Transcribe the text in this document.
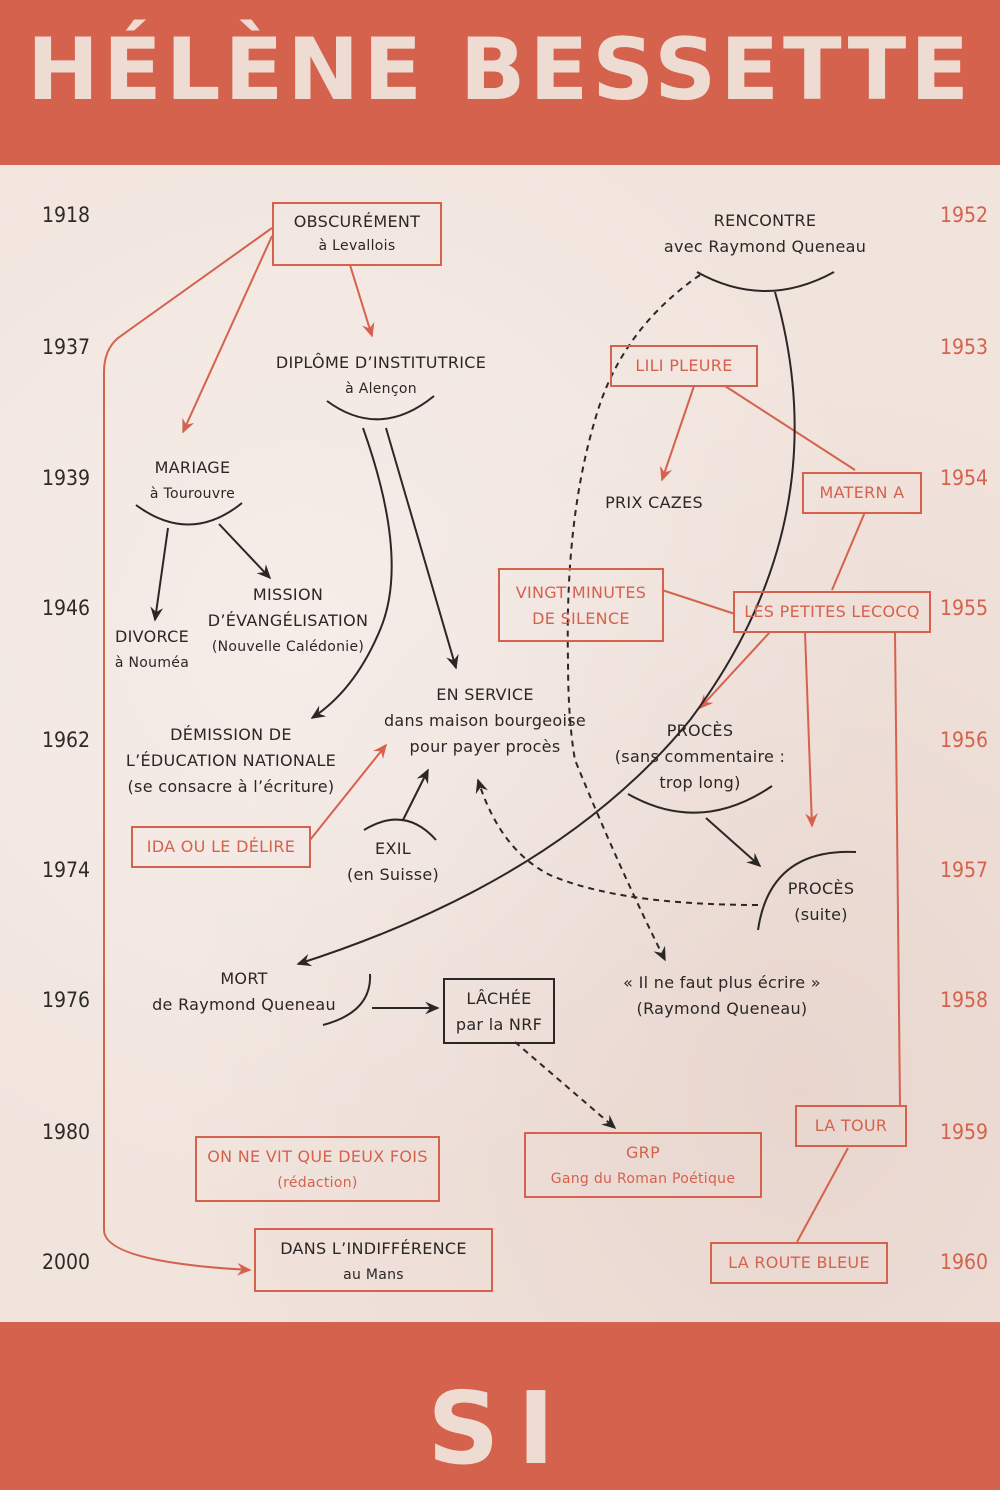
HÉLÈNE BESSETTE
SI
1918
1937
1939
1946
1962
1974
1976
1980
2000
1952
1953
1954
1955
1956
1957
1958
1959
1960
OBSCURÉMENT
à Levallois
RENCONTRE
avec Raymond Queneau
DIPLÔME D’INSTITUTRICE
à Alençon
LILI PLEURE
MARIAGE
à Tourouvre	PRIX CAZES
MATERN A
VINGT MINUTES
DE SILENCE	LES PETITES LECOCQ
MISSION
D’ÉVANGÉLISATION
(Nouvelle Calédonie)
DIVORCE
à Nouméa
EN SERVICE
dans maison bourgeoise
pour payer procès
DÉMISSION DE
L’ÉDUCATION NATIONALE
(se consacre à l’écriture)
PROCÈS
(sans commentaire :
trop long)
IDA OU LE DÉLIRE	EXIL
(en Suisse)
PROCÈS
(suite)
MORT
de Raymond Queneau	LÂCHÉE
par la NRF
« Il ne faut plus écrire »
(Raymond Queneau)
LA TOUR
ON NE VIT QUE DEUX FOIS
(rédaction)
GRP
Gang du Roman Poétique
DANS L’INDIFFÉRENCE
au Mans
LA ROUTE BLEUE
